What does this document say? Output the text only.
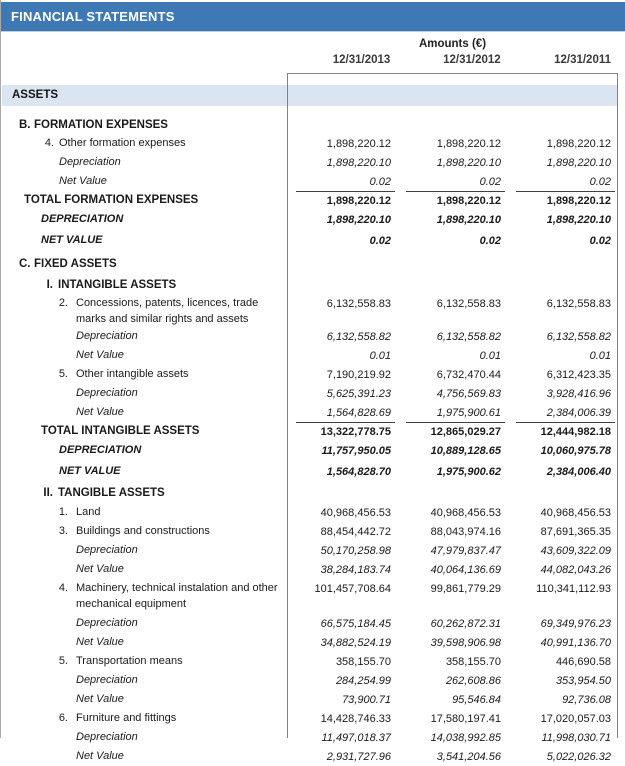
FINANCIAL STATEMENTS
Amounts (€)
12/31/2013	12/31/2012	12/31/2011
ASSETS
B. FORMATION EXPENSES
4. Other formation expenses	1,898,220.12	1,898,220.12	1,898,220.12
Depreciation	1,898,220.10	1,898,220.10	1,898,220.10
Net Value	0.02	0.02	0.02
TOTAL FORMATION EXPENSES	1,898,220.12	1,898,220.12	1,898,220.12
DEPRECIATION	1,898,220.10	1,898,220.10	1,898,220.10
NET VALUE	0.02	0.02	0.02
C. FIXED ASSETS
I. INTANGIBLE ASSETS
2. Concessions, patents, licences, trade marks and similar rights and assets
6,132,558.83	6,132,558.83	6,132,558.83
Depreciation	6,132,558.82	6,132,558.82	6,132,558.82
Net Value	0.01	0.01	0.01
5. Other intangible assets	7,190,219.92	6,732,470.44	6,312,423.35
Depreciation	5,625,391.23	4,756,569.83	3,928,416.96
Net Value	1,564,828.69	1,975,900.61	2,384,006.39
TOTAL INTANGIBLE ASSETS	13,322,778.75	12,865,029.27	12,444,982.18
DEPRECIATION	11,757,950.05	10,889,128.65	10,060,975.78
NET VALUE	1,564,828.70	1,975,900.62	2,384,006.40
II. TANGIBLE ASSETS
1. Land	40,968,456.53	40,968,456.53	40,968,456.53
3. Buildings and constructions	88,454,442.72	88,043,974.16	87,691,365.35
Depreciation	50,170,258.98	47,979,837.47	43,609,322.09
Net Value	38,284,183.74	40,064,136.69	44,082,043.26
4. Machinery, technical instalation and other mechanical equipment
101,457,708.64	99,861,779.29	110,341,112.93
Depreciation	66,575,184.45	60,262,872.31	69,349,976.23
Net Value	34,882,524.19	39,598,906.98	40,991,136.70
5. Transportation means	358,155.70	358,155.70	446,690.58
Depreciation	284,254.99	262,608.86	353,954.50
Net Value	73,900.71	95,546.84	92,736.08
6. Furniture and fittings	14,428,746.33	17,580,197.41	17,020,057.03
Depreciation	11,497,018.37	14,038,992.85	11,998,030.71
Net Value	2,931,727.96	3,541,204.56	5,022,026.32
